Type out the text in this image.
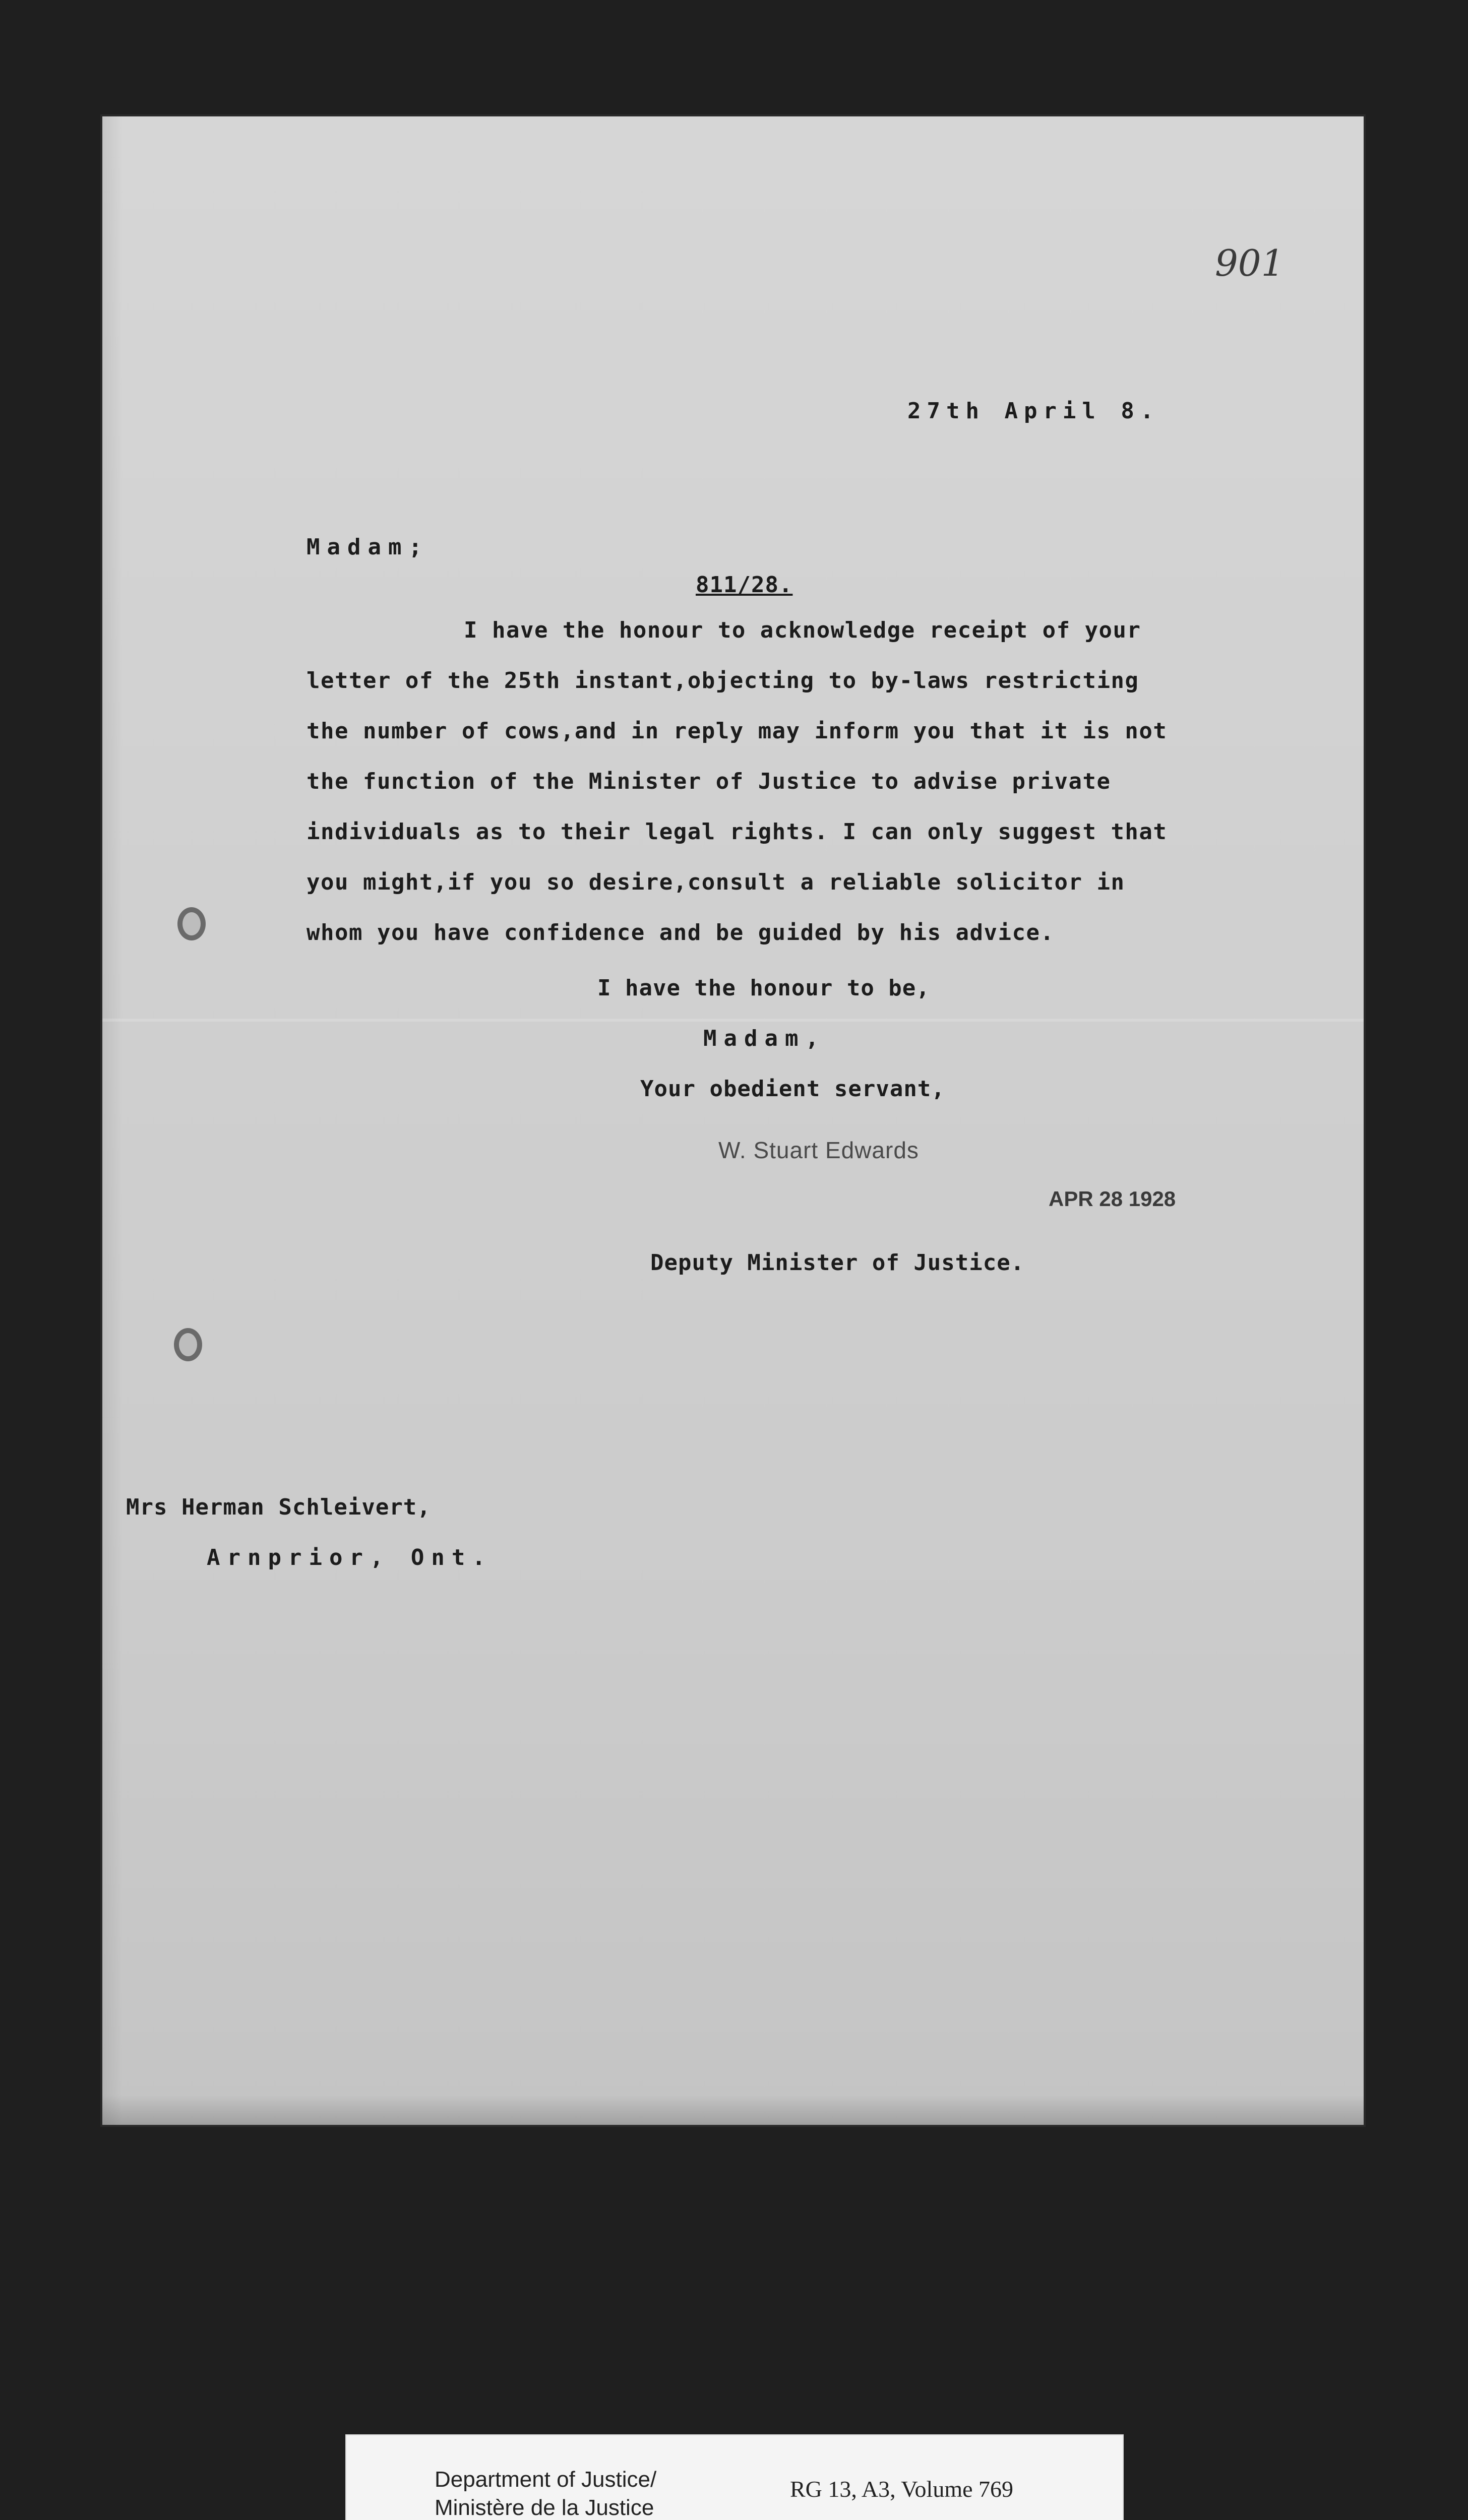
901
27th April 8.
Madam;
811/28.
I have the honour to acknowledge receipt of your
letter of the 25th instant,objecting to by-laws restricting
the number of cows,and in reply may inform you that it is not
the function of the Minister of Justice to advise private
individuals as to their legal rights. I can only suggest that
you might,if you so desire,consult a reliable solicitor in
whom you have confidence and be guided by his advice.
I have the honour to be,
Madam,
Your obedient servant,
W. Stuart Edwards
APR 28 1928
Deputy Minister of Justice.
Mrs Herman Schleivert,
Arnprior, Ont.
Department of Justice/
Ministère de la Justice
RG 13, A3, Volume 769
